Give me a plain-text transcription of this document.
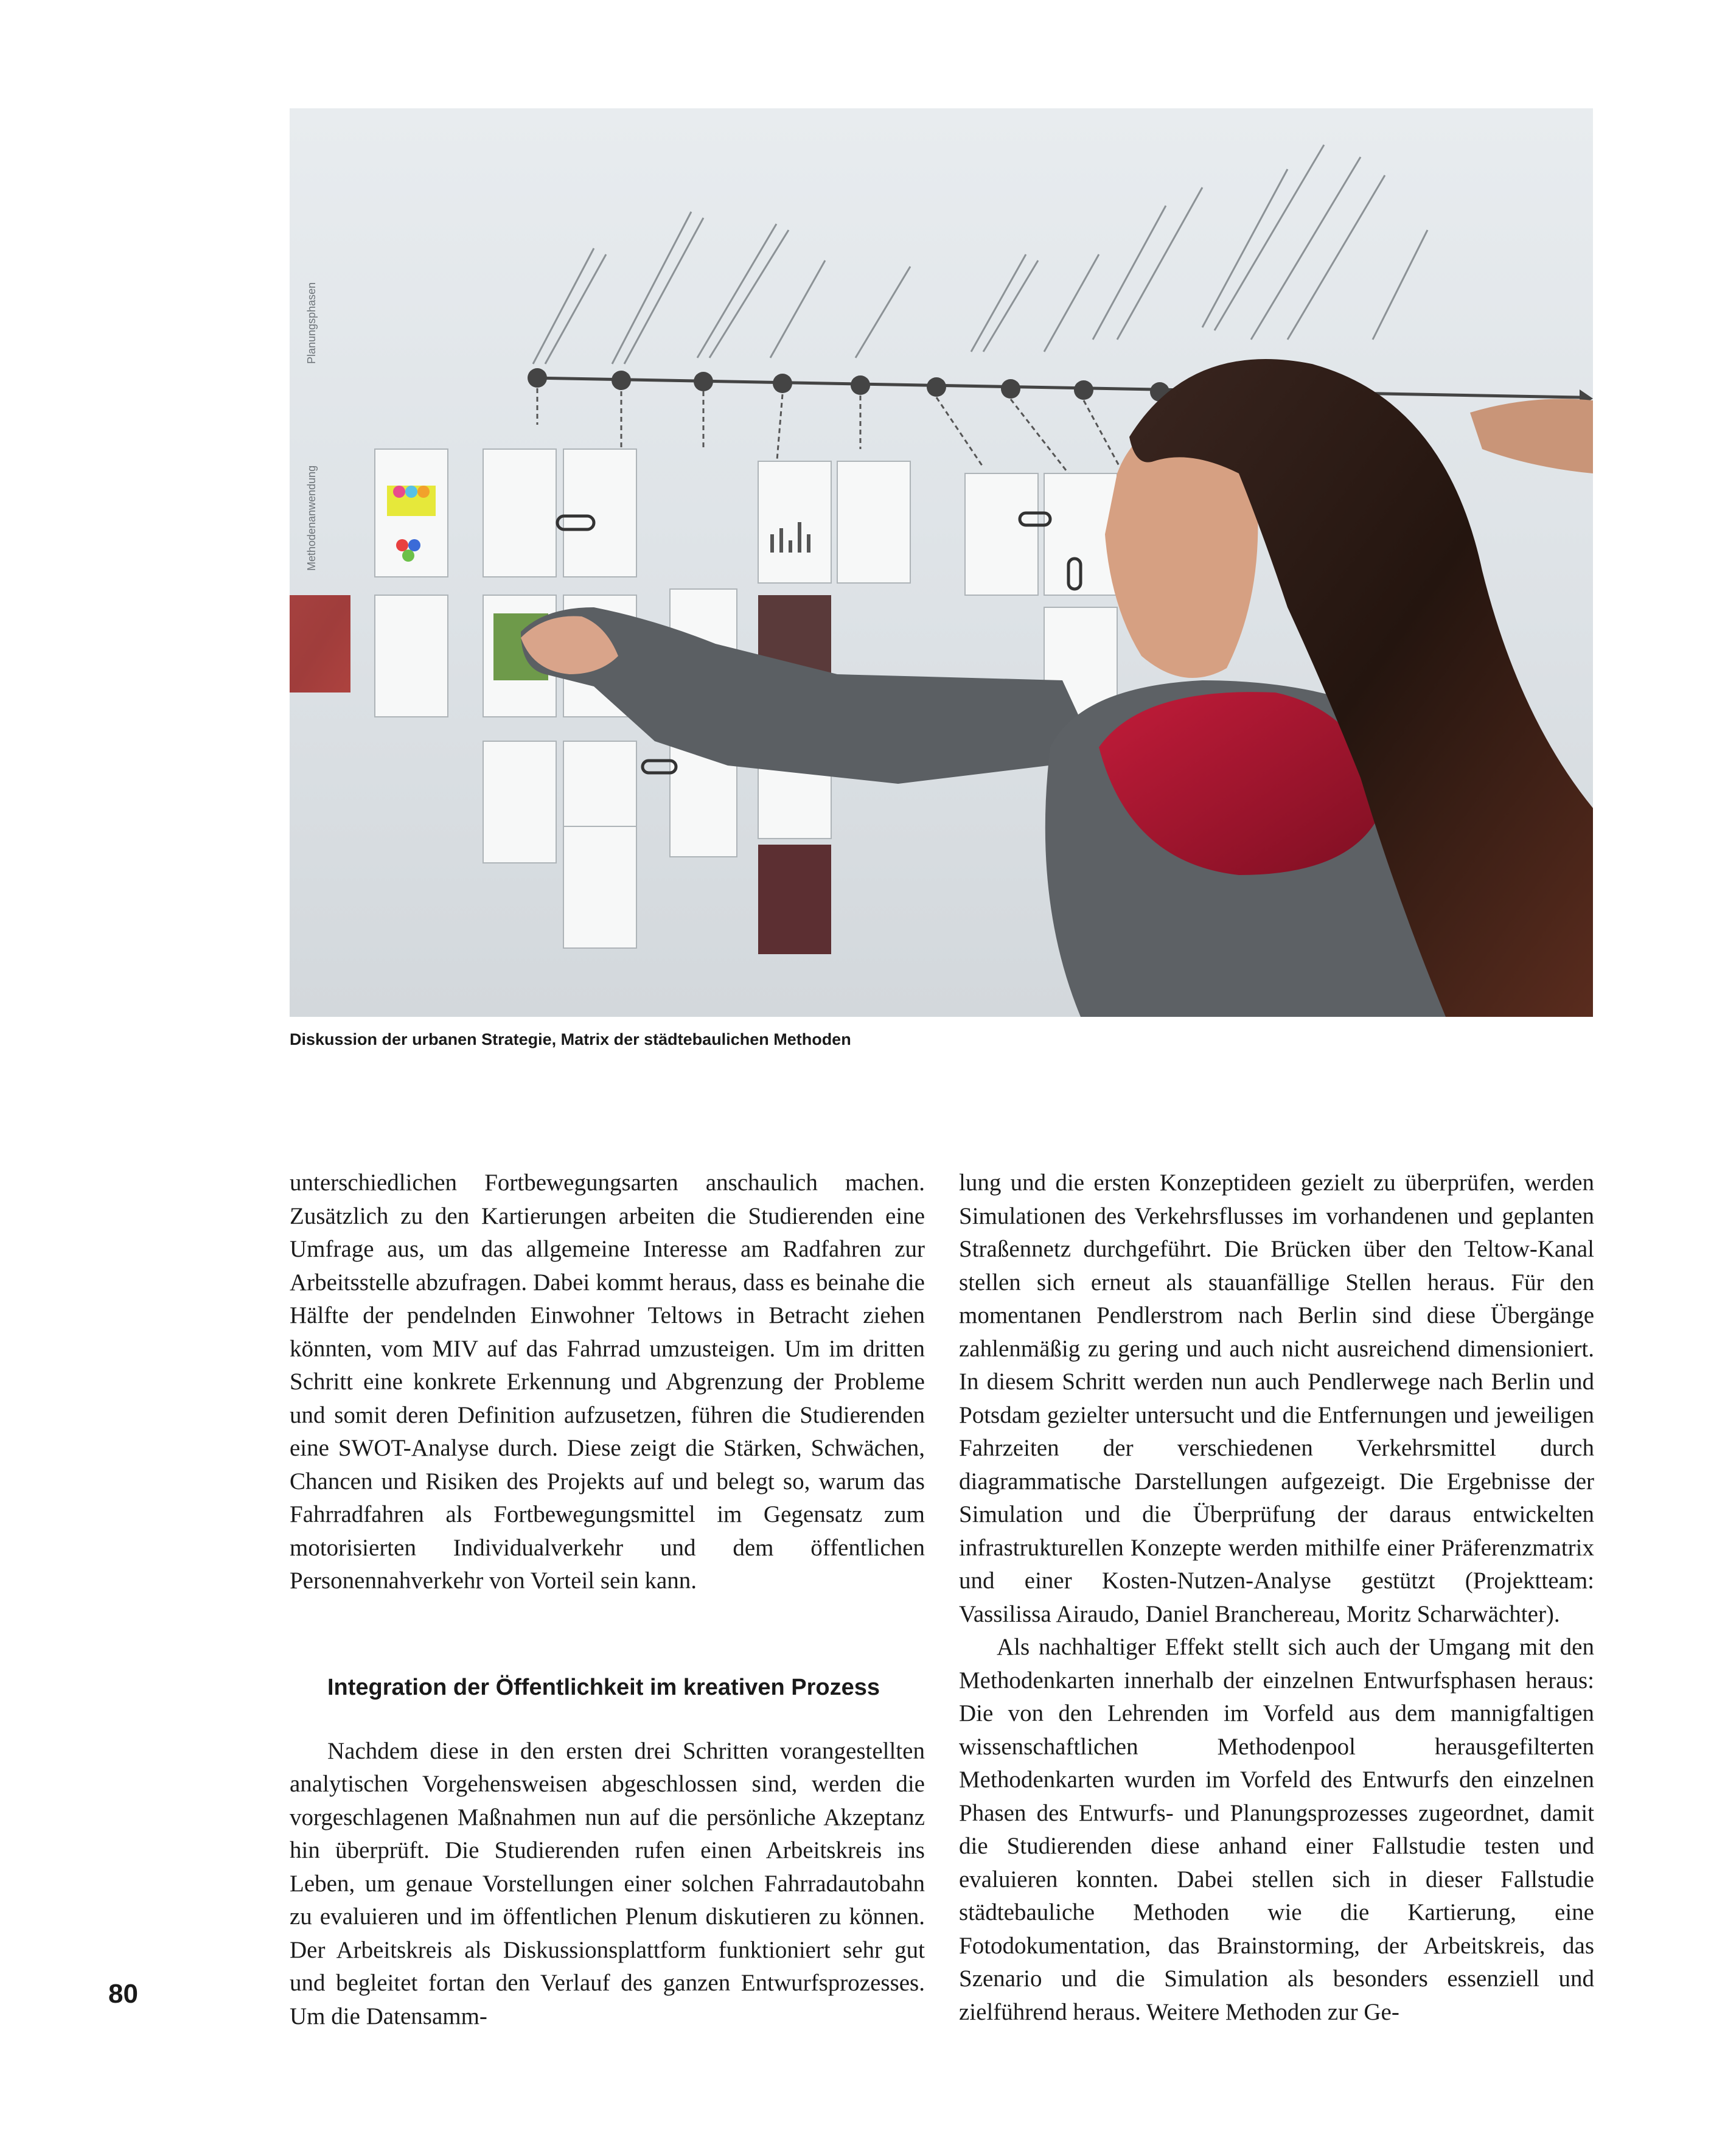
Planungsphasen
Methodenanwendung
Diskussion der urbanen Strategie, Matrix der städtebaulichen Methoden

unterschiedlichen Fortbewegungsarten anschaulich machen. Zusätzlich zu den Kartierungen arbeiten die Studierenden eine Umfrage aus, um das allgemeine Interesse am Radfahren zur Arbeitsstelle abzufragen. Dabei kommt heraus, dass es beinahe die Hälfte der pendelnden Einwohner Teltows in Betracht ziehen könnten, vom MIV auf das Fahrrad umzusteigen. Um im dritten Schritt eine konkrete Erkennung und Abgrenzung der Probleme und somit deren Definition aufzusetzen, führen die Studierenden eine SWOT-Analyse durch. Diese zeigt die Stärken, Schwächen, Chancen und Risiken des Projekts auf und belegt so, warum das Fahrradfahren als Fortbewegungsmittel im Gegensatz zum motorisierten Individualverkehr und dem öffentlichen Personennahverkehr von Vorteil sein kann.

Integration der Öffentlichkeit im kreativen Prozess

Nachdem diese in den ersten drei Schritten vorangestellten analytischen Vorgehensweisen abgeschlossen sind, werden die vorgeschlagenen Maßnahmen nun auf die persönliche Akzeptanz hin überprüft. Die Studierenden rufen einen Arbeitskreis ins Leben, um genaue Vorstellungen einer solchen Fahrradautobahn zu evaluieren und im öffentlichen Plenum diskutieren zu können. Der Arbeitskreis als Diskussionsplattform funktioniert sehr gut und begleitet fortan den Verlauf des ganzen Entwurfsprozesses. Um die Datensamm-

lung und die ersten Konzeptideen gezielt zu überprüfen, werden Simulationen des Verkehrsflusses im vorhandenen und geplanten Straßennetz durchgeführt. Die Brücken über den Teltow-Kanal stellen sich erneut als stauanfällige Stellen heraus. Für den momentanen Pendlerstrom nach Berlin sind diese Übergänge zahlenmäßig zu gering und auch nicht ausreichend dimensioniert. In diesem Schritt werden nun auch Pendlerwege nach Berlin und Potsdam gezielter untersucht und die Entfernungen und jeweiligen Fahrzeiten der verschiedenen Verkehrsmittel durch diagrammatische Darstellungen aufgezeigt. Die Ergebnisse der Simulation und die Überprüfung der daraus entwickelten infrastrukturellen Konzepte werden mithilfe einer Präferenzmatrix und einer Kosten-Nutzen-Analyse gestützt (Projektteam: Vassilissa Airaudo, Daniel Branchereau, Moritz Scharwächter).

Als nachhaltiger Effekt stellt sich auch der Umgang mit den Methodenkarten innerhalb der einzelnen Entwurfsphasen heraus: Die von den Lehrenden im Vorfeld aus dem mannigfaltigen wissenschaftlichen Methodenpool herausgefilterten Methodenkarten wurden im Vorfeld des Entwurfs den einzelnen Phasen des Entwurfs- und Planungsprozesses zugeordnet, damit die Studierenden diese anhand einer Fallstudie testen und evaluieren konnten. Dabei stellen sich in dieser Fallstudie städtebauliche Methoden wie die Kartierung, eine Fotodokumentation, das Brainstorming, der Arbeitskreis, das Szenario und die Simulation als besonders essenziell und zielführend heraus. Weitere Methoden zur Ge-

80
